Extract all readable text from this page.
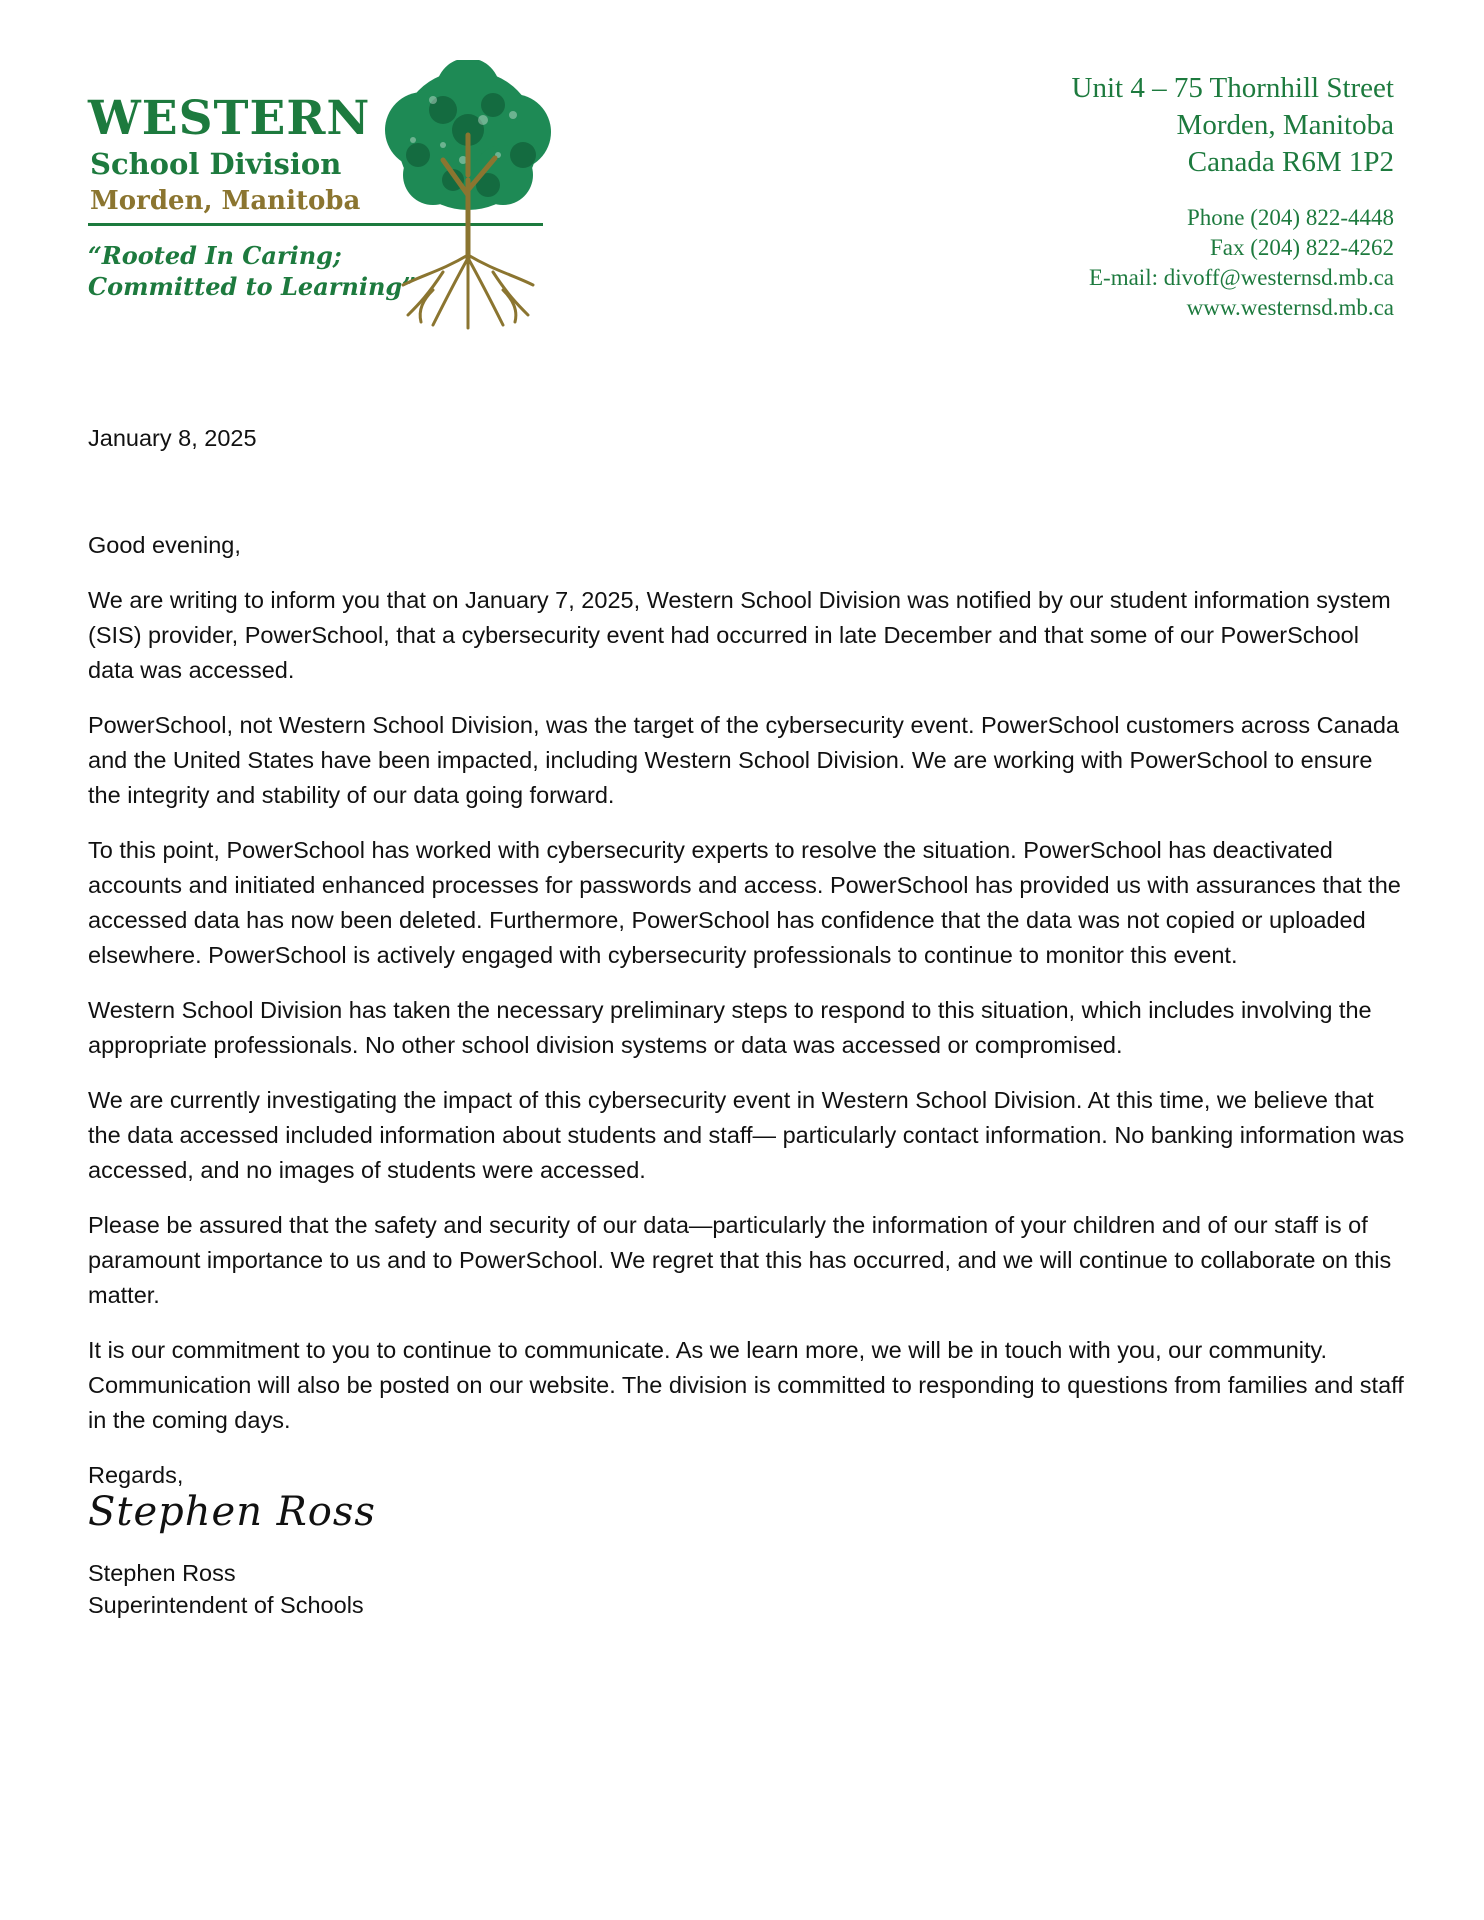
WESTERN
School Division
Morden, Manitoba
“Rooted In Caring;
Committed to Learning”
Unit 4 – 75 Thornhill Street
Morden, Manitoba
Canada R6M 1P2
Phone (204) 822-4448
Fax (204) 822-4262
E-mail: divoff@westernsd.mb.ca
www.westernsd.mb.ca

January 8, 2025

Good evening,

We are writing to inform you that on January 7, 2025, Western School Division was notified by our student information system (SIS) provider, PowerSchool, that a cybersecurity event had occurred in late December and that some of our PowerSchool data was accessed.

PowerSchool, not Western School Division, was the target of the cybersecurity event. PowerSchool customers across Canada and the United States have been impacted, including Western School Division. We are working with PowerSchool to ensure the integrity and stability of our data going forward.

To this point, PowerSchool has worked with cybersecurity experts to resolve the situation. PowerSchool has deactivated accounts and initiated enhanced processes for passwords and access. PowerSchool has provided us with assurances that the accessed data has now been deleted. Furthermore, PowerSchool has confidence that the data was not copied or uploaded elsewhere. PowerSchool is actively engaged with cybersecurity professionals to continue to monitor this event.

Western School Division has taken the necessary preliminary steps to respond to this situation, which includes involving the appropriate professionals. No other school division systems or data was accessed or compromised.

We are currently investigating the impact of this cybersecurity event in Western School Division. At this time, we believe that the data accessed included information about students and staff— particularly contact information. No banking information was accessed, and no images of students were accessed.

Please be assured that the safety and security of our data—particularly the information of your children and of our staff is of paramount importance to us and to PowerSchool. We regret that this has occurred, and we will continue to collaborate on this matter.

It is our commitment to you to continue to communicate. As we learn more, we will be in touch with you, our community. Communication will also be posted on our website. The division is committed to responding to questions from families and staff in the coming days.

Regards,

Stephen Ross

Stephen Ross

Superintendent of Schools
